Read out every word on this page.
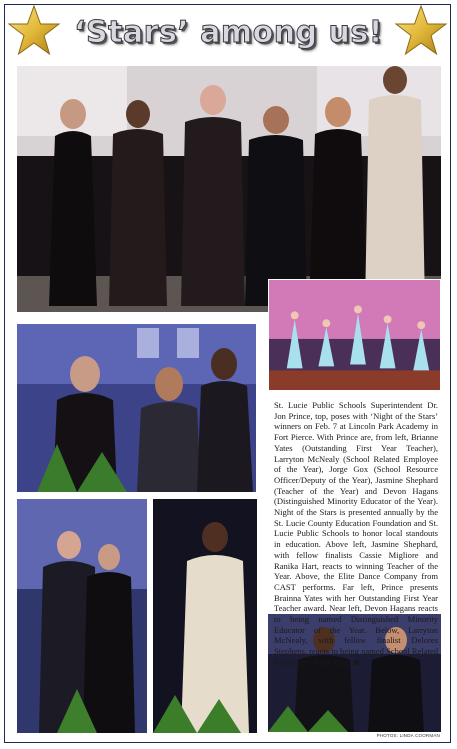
‘Stars’ among us!

St. Lucie Public Schools Superintendent Dr. Jon Prince, top, poses with ‘Night of the Stars’ winners on Feb. 7 at Lincoln Park Academy in Fort Pierce. With Prince are, from left, Brianne Yates (Outstanding First Year Teacher), Larryton McNealy (School Related Employee of the Year), Jorge Gox (School Resource Officer/Deputy of the Year), Jasmine Shephard (Teacher of the Year) and Devon Hagans (Distinguished Minority Educator of the Year). Night of the Stars is presented annually by the St. Lucie County Education Foundation and St. Lucie Public Schools to honor local standouts in education. Above left, Jasmine Shephard, with fellow finalists Cassie Migliore and Ranika Hart, reacts to winning Teacher of the Year. Above, the Elite Dance Company from CAST performs. Far left, Prince presents Brainna Yates with her Outstanding First Year Teacher award. Near left, Devon Hagans reacts to being named Distinguished Minority Educator of the Year. Below, Larryton McNealy, with fellow finalist Delores Stephens, reacts to being named School Related Employee of the Year.

PHOTOS: LINDA COORMAN
